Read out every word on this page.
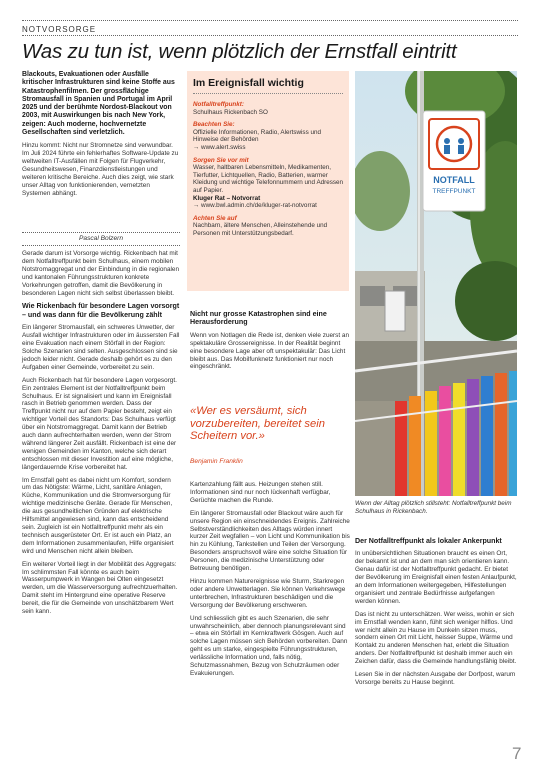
NOTVORSORGE
Was zu tun ist, wenn plötzlich der Ernstfall eintritt

Blackouts, Evakuationen oder Ausfälle kritischer Infrastrukturen sind keine Stoffe aus Katastrophenfilmen. Der grossflächige Stromausfall in Spanien und Portugal im April 2025 und der berühmte Nordost-Blackout von 2003, mit Auswirkungen bis nach New York, zeigen: Auch moderne, hochvernetzte Gesellschaften sind verletzlich.

Hinzu kommt: Nicht nur Stromnetze sind verwundbar. Im Juli 2024 führte ein fehlerhaftes Software-Update zu weltweiten IT-Ausfällen mit Folgen für Flugverkehr, Gesundheitswesen, Finanzdienstleistungen und weiteren kritische Bereiche. Auch dies zeigt, wie stark unser Alltag von funktionierenden, vernetzten Systemen abhängt.

Pascal Bolzern

Gerade darum ist Vorsorge wichtig. Rickenbach hat mit dem Notfalltreffpunkt beim Schulhaus, einem mobilen Notstromaggregat und der Einbindung in die regionalen und kantonalen Führungsstrukturen konkrete Vorkehrungen getroffen, damit die Bevölkerung in besonderen Lagen nicht sich selbst überlassen bleibt.

Wie Rickenbach für besondere Lagen vorsorgt – und was dann für die Bevölkerung zählt

Ein längerer Stromausfall, ein schweres Unwetter, der Ausfall wichtiger Infrastrukturen oder im äussersten Fall eine Evakuation nach einem Störfall in der Region: Solche Szenarien sind selten. Ausgeschlossen sind sie jedoch leider nicht. Gerade deshalb gehört es zu den Aufgaben einer Gemeinde, vorbereitet zu sein.

Auch Rickenbach hat für besondere Lagen vorgesorgt. Ein zentrales Element ist der Notfalltreffpunkt beim Schulhaus. Er ist signalisiert und kann im Ereignisfall rasch in Betrieb genommen werden. Dass der Treffpunkt nicht nur auf dem Papier besteht, zeigt ein wichtiger Vorteil des Standorts: Das Schulhaus verfügt über ein Notstromaggregat. Damit kann der Betrieb auch dann aufrechterhalten werden, wenn der Strom während längerer Zeit ausfällt. Rickenbach ist eine der wenigen Gemeinden im Kanton, welche sich derart entschlossen mit dieser Investition auf eine mögliche, längerdauernde Krise vorbereitet hat.

Im Ernstfall geht es dabei nicht um Komfort, sondern um das Nötigste: Wärme, Licht, sanitäre Anlagen, Küche, Kommunikation und die Stromversorgung für wichtige medizinische Geräte. Gerade für Menschen, die aus gesundheitlichen Gründen auf elektrische Hilfsmittel angewiesen sind, kann das entscheidend sein. Zugleich ist ein Notfalltreffpunkt mehr als ein technisch ausgerüsteter Ort. Er ist auch ein Platz, an dem Informationen zusammenlaufen, Hilfe organisiert wird und Menschen nicht allein bleiben.

Ein weiterer Vorteil liegt in der Mobilität des Aggregats: Im schlimmsten Fall könnte es auch beim Wasserpumpwerk in Wangen bei Olten eingesetzt werden, um die Wasserversorgung aufrechtzuerhalten. Damit steht im Hintergrund eine operative Reserve bereit, die für die Gemeinde von unschätzbarem Wert sein kann.

Im Ereignisfall wichtig
Notfalltreffpunkt:
Schulhaus Rickenbach SO
Beachten Sie:
Offizielle Informationen, Radio, Alertswiss und Hinweise der Behörden
→ www.alert.swiss
Sorgen Sie vor mit
Wasser, haltbaren Lebensmitteln, Medikamenten, Tierfutter, Lichtquellen, Radio, Batterien, warmer Kleidung und wichtige Telefonnummern und Adressen auf Papier.
Kluger Rat – Notvorrat
→ www.bwl.admin.ch/de/kluger-rat-notvorrat
Achten Sie auf
Nachbarn, ältere Menschen, Alleinstehende und Personen mit Unterstützungsbedarf.

Nicht nur grosse Katastrophen sind eine Herausforderung

Wenn von Notlagen die Rede ist, denken viele zuerst an spektakuläre Grossereignisse. In der Realität beginnt eine besondere Lage aber oft unspektakulär: Das Licht bleibt aus. Das Mobilfunknetz funktioniert nur noch eingeschränkt.

«Wer es versäumt, sich vorzubereiten, bereitet sein Scheitern vor.»
Benjamin Franklin

Kartenzahlung fällt aus. Heizungen stehen still. Informationen sind nur noch lückenhaft verfügbar, Gerüchte machen die Runde.

Ein längerer Stromausfall oder Blackout wäre auch für unsere Region ein einschneidendes Ereignis. Zahlreiche Selbstverständlichkeiten des Alltags würden innert kurzer Zeit wegfallen – von Licht und Kommunikation bis hin zu Kühlung, Tankstellen und Teilen der Versorgung. Besonders anspruchsvoll wäre eine solche Situation für Personen, die medizinische Unterstützung oder Betreuung benötigen.

Hinzu kommen Naturereignisse wie Sturm, Starkregen oder andere Unwetterlagen. Sie können Verkehrswege unterbrechen, Infrastrukturen beschädigen und die Versorgung der Bevölkerung erschweren.

Und schliesslich gibt es auch Szenarien, die sehr unwahrscheinlich, aber dennoch planungsrelevant sind – etwa ein Störfall im Kernkraftwerk Gösgen. Auch auf solche Lagen müssen sich Behörden vorbereiten. Dann geht es um starke, eingespielte Führungsstrukturen, verlässliche Information und, falls nötig, Schutzmassnahmen, Bezug von Schutzräumen oder Evakuierungen.

NOTFALL
TREFFPUNKT
Wenn der Alltag plötzlich stillsteht: Notfalltreffpunkt beim Schulhaus in Rickenbach.

Der Notfalltreffpunkt als lokaler Ankerpunkt

In unübersichtlichen Situationen braucht es einen Ort, der bekannt ist und an dem man sich orientieren kann. Genau dafür ist der Notfalltreffpunkt gedacht. Er bietet der Bevölkerung im Ereignisfall einen festen Anlaufpunkt, an dem Informationen weitergegeben, Hilfestellungen organisiert und zentrale Bedürfnisse aufgefangen werden können.

Das ist nicht zu unterschätzen. Wer weiss, wohin er sich im Ernstfall wenden kann, fühlt sich weniger hilflos. Und wer nicht allein zu Hause im Dunkeln sitzen muss, sondern einen Ort mit Licht, heisser Suppe, Wärme und Kontakt zu anderen Menschen hat, erlebt die Situation anders. Der Notfalltreffpunkt ist deshalb immer auch ein Zeichen dafür, dass die Gemeinde handlungsfähig bleibt.

Lesen Sie in der nächsten Ausgabe der Dorfpost, warum Vorsorge bereits zu Hause beginnt.

7
